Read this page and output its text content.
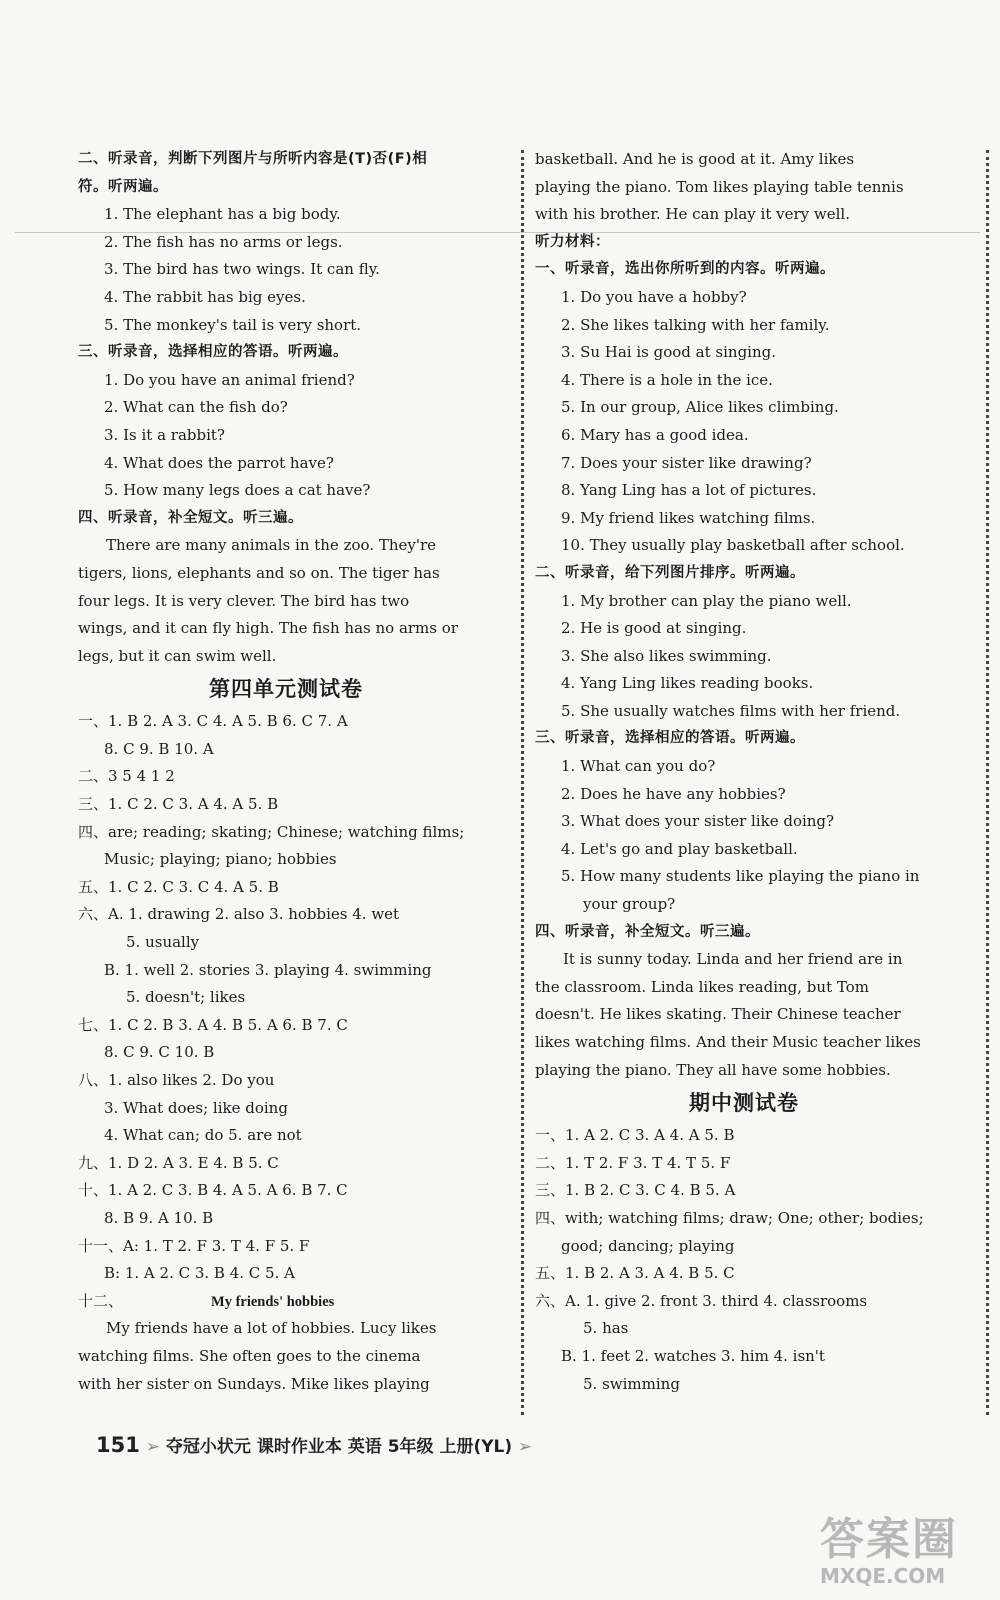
二、听录音，判断下列图片与所听内容是(T)否(F)相
符。听两遍。
1. The elephant has a big body.
2. The fish has no arms or legs.
3. The bird has two wings. It can fly.
4. The rabbit has big eyes.
5. The monkey's tail is very short.
三、听录音，选择相应的答语。听两遍。
1. Do you have an animal friend?
2. What can the fish do?
3. Is it a rabbit?
4. What does the parrot have?
5. How many legs does a cat have?
四、听录音，补全短文。听三遍。
There are many animals in the zoo. They're
tigers, lions, elephants and so on. The tiger has
four legs. It is very clever. The bird has two
wings, and it can fly high. The fish has no arms or
legs, but it can swim well.
第四单元测试卷
一、1. B 2. A 3. C 4. A 5. B 6. C 7. A
8. C 9. B 10. A
二、3 5 4 1 2
三、1. C 2. C 3. A 4. A 5. B
四、are; reading; skating; Chinese; watching films;
Music; playing; piano; hobbies
五、1. C 2. C 3. C 4. A 5. B
六、A. 1. drawing 2. also 3. hobbies 4. wet
5. usually
B. 1. well 2. stories 3. playing 4. swimming
5. doesn't; likes
七、1. C 2. B 3. A 4. B 5. A 6. B 7. C
8. C 9. C 10. B
八、1. also likes 2. Do you
3. What does; like doing
4. What can; do 5. are not
九、1. D 2. A 3. E 4. B 5. C
十、1. A 2. C 3. B 4. A 5. A 6. B 7. C
8. B 9. A 10. B
十一、A: 1. T 2. F 3. T 4. F 5. F
B: 1. A 2. C 3. B 4. C 5. A
十二、	My friends' hobbies
My friends have a lot of hobbies. Lucy likes
watching films. She often goes to the cinema
with her sister on Sundays. Mike likes playing
basketball. And he is good at it. Amy likes
playing the piano. Tom likes playing table tennis
with his brother. He can play it very well.
听力材料：
一、听录音，选出你所听到的内容。听两遍。
1. Do you have a hobby?
2. She likes talking with her family.
3. Su Hai is good at singing.
4. There is a hole in the ice.
5. In our group, Alice likes climbing.
6. Mary has a good idea.
7. Does your sister like drawing?
8. Yang Ling has a lot of pictures.
9. My friend likes watching films.
10. They usually play basketball after school.
二、听录音，给下列图片排序。听两遍。
1. My brother can play the piano well.
2. He is good at singing.
3. She also likes swimming.
4. Yang Ling likes reading books.
5. She usually watches films with her friend.
三、听录音，选择相应的答语。听两遍。
1. What can you do?
2. Does he have any hobbies?
3. What does your sister like doing?
4. Let's go and play basketball.
5. How many students like playing the piano in
your group?
四、听录音，补全短文。听三遍。
It is sunny today. Linda and her friend are in
the classroom. Linda likes reading, but Tom
doesn't. He likes skating. Their Chinese teacher
likes watching films. And their Music teacher likes
playing the piano. They all have some hobbies.
期中测试卷
一、1. A 2. C 3. A 4. A 5. B
二、1. T 2. F 3. T 4. T 5. F
三、1. B 2. C 3. C 4. B 5. A
四、with; watching films; draw; One; other; bodies;
good; dancing; playing
五、1. B 2. A 3. A 4. B 5. C
六、A. 1. give 2. front 3. third 4. classrooms
5. has
B. 1. feet 2. watches 3. him 4. isn't
5. swimming
151 ➢ 夺冠小状元 课时作业本 英语 5年级 上册(YL) ➢
答案圈
MXQE.COM
